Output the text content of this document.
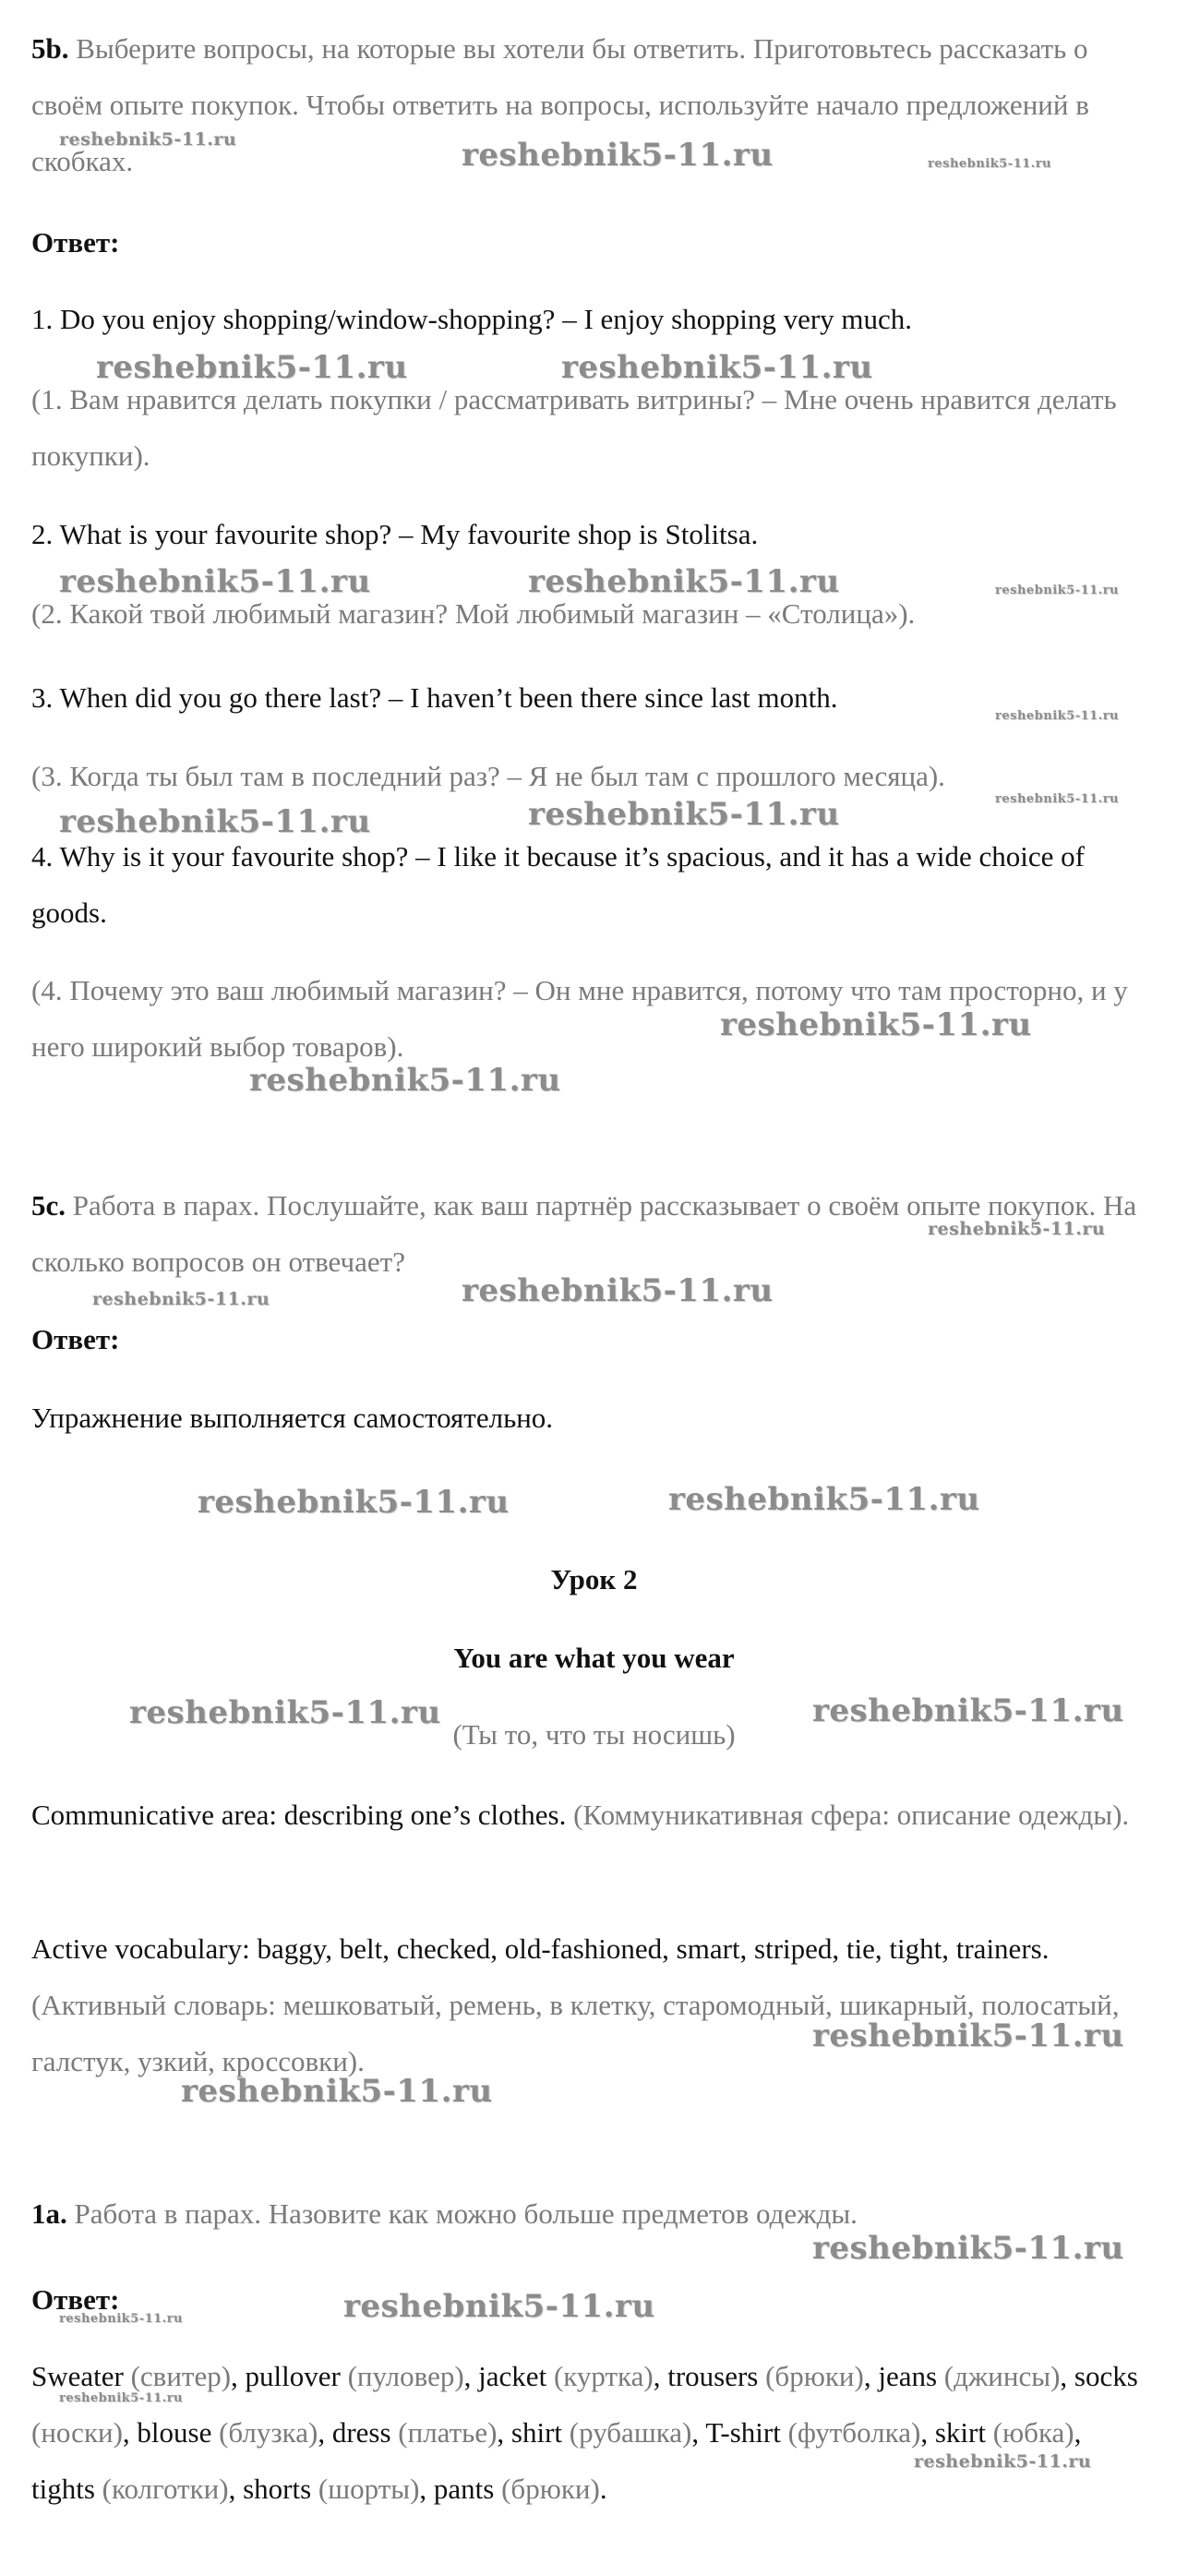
5b. Выберите вопросы, на которые вы хотели бы ответить. Приготовьтесь рассказать о своём опыте покупок. Чтобы ответить на вопросы, используйте начало предложений в скобках.

Ответ:

1. Do you enjoy shopping/window-shopping? – I enjoy shopping very much.

(1. Вам нравится делать покупки / рассматривать витрины? – Мне очень нравится делать покупки).

2. What is your favourite shop? – My favourite shop is Stolitsa.

(2. Какой твой любимый магазин? Мой любимый магазин – «Столица»).

3. When did you go there last? – I haven’t been there since last month.

(3. Когда ты был там в последний раз? – Я не был там с прошлого месяца).

4. Why is it your favourite shop? – I like it because it’s spacious, and it has a wide choice of goods.

(4. Почему это ваш любимый магазин? – Он мне нравится, потому что там просторно, и у него широкий выбор товаров).

5c. Работа в парах. Послушайте, как ваш партнёр рассказывает о своём опыте покупок. На сколько вопросов он отвечает?

Ответ:

Упражнение выполняется самостоятельно.

Урок 2

You are what you wear

(Ты то, что ты носишь)

Communicative area: describing one’s clothes. (Коммуникативная сфера: описание одежды).

Active vocabulary: baggy, belt, checked, old-fashioned, smart, striped, tie, tight, trainers. (Активный словарь: мешковатый, ремень, в клетку, старомодный, шикарный, полосатый, галстук, узкий, кроссовки).

1a. Работа в парах. Назовите как можно больше предметов одежды.

Ответ:

Sweater (свитер), pullover (пуловер), jacket (куртка), trousers (брюки), jeans (джинсы), socks (носки), blouse (блузка), dress (платье), shirt (рубашка), T-shirt (футболка), skirt (юбка), tights (колготки), shorts (шорты), pants (брюки).

reshebnik5-11.ru
reshebnik5-11.ru
reshebnik5-11.ru
reshebnik5-11.ru	reshebnik5-11.ru
reshebnik5-11.ru	reshebnik5-11.ru	reshebnik5-11.ru
reshebnik5-11.ru
reshebnik5-11.ru
reshebnik5-11.ru	reshebnik5-11.ru
reshebnik5-11.ru
reshebnik5-11.ru
reshebnik5-11.ru
reshebnik5-11.ru
reshebnik5-11.ru
reshebnik5-11.ru	reshebnik5-11.ru
reshebnik5-11.ru	reshebnik5-11.ru
reshebnik5-11.ru
reshebnik5-11.ru
reshebnik5-11.ru
reshebnik5-11.ru
reshebnik5-11.ru
reshebnik5-11.ru
reshebnik5-11.ru
